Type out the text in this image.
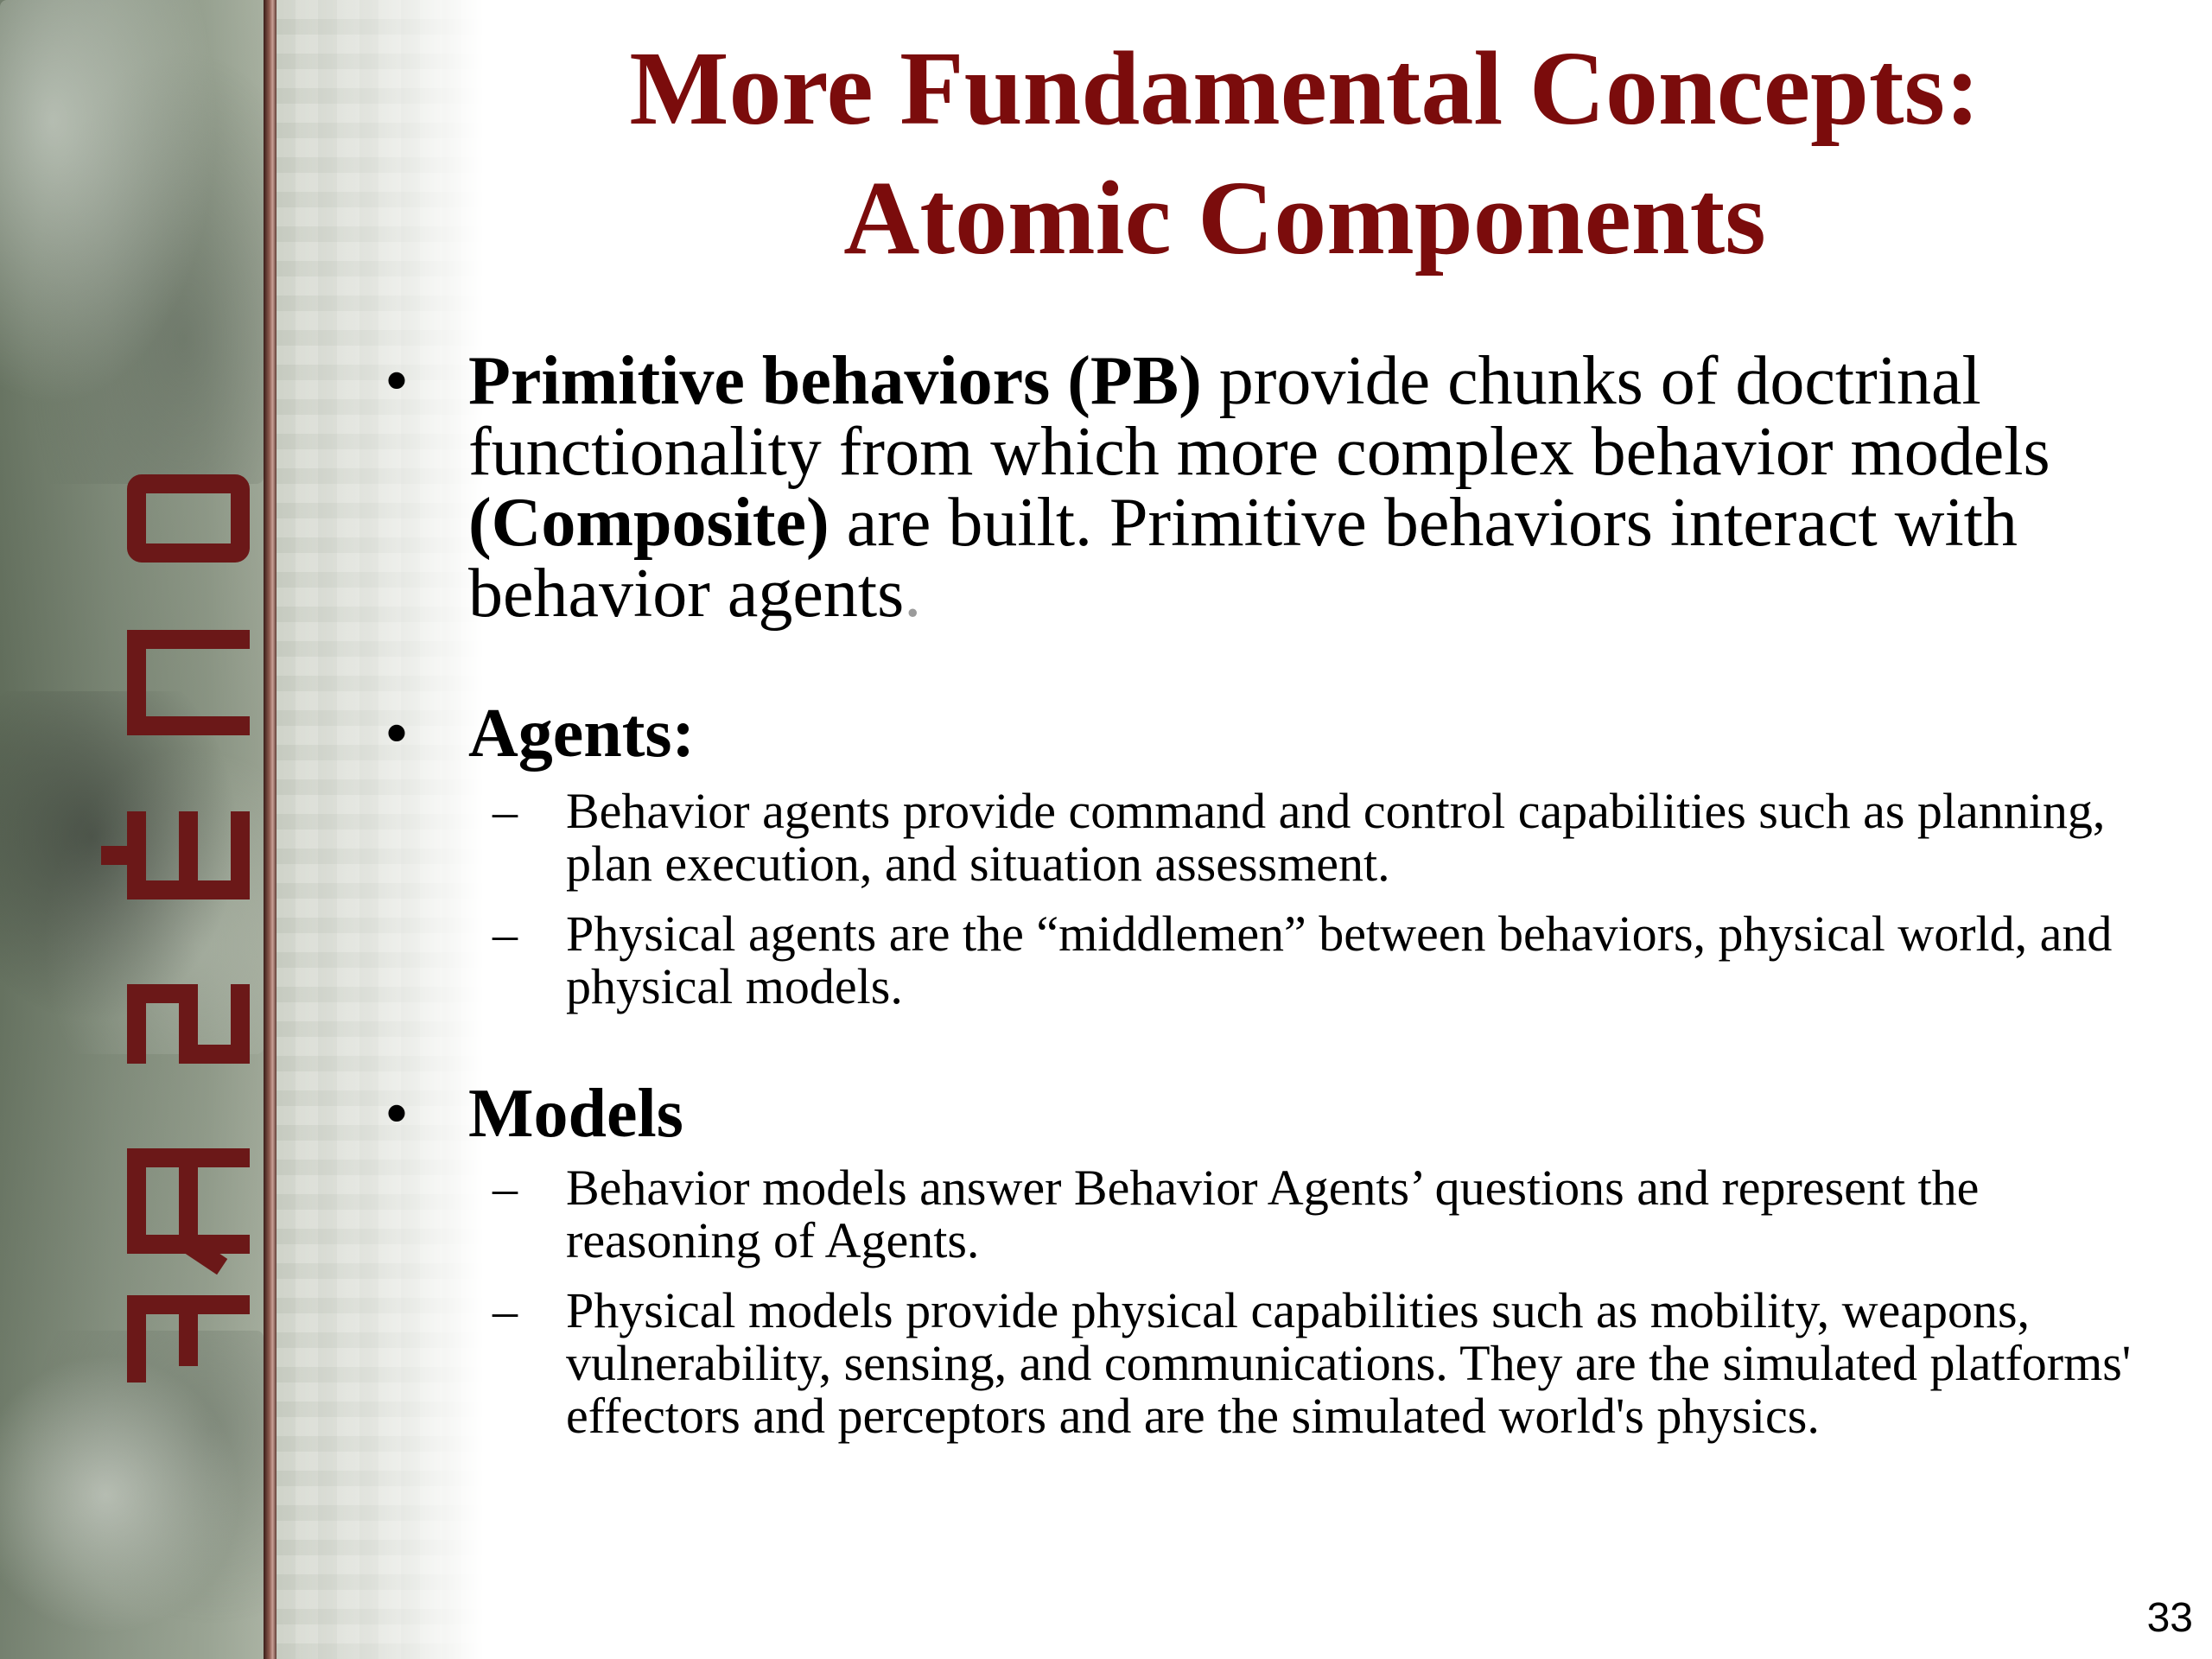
More Fundamental Concepts:
Atomic Components
• Primitive behaviors (PB) provide chunks of doctrinal functionality from which more complex behavior models (Composite) are built. Primitive behaviors interact with behavior agents.
• Agents:
– Behavior agents provide command and control capabilities such as planning, plan execution, and situation assessment.
– Physical agents are the “middlemen” between behaviors, physical world, and physical models.
• Models
– Behavior models answer Behavior Agents’ questions and represent the reasoning of Agents.
– Physical models provide physical capabilities such as mobility, weapons, vulnerability, sensing, and communications. They are the simulated platforms' effectors and perceptors and are the simulated world's physics.
33
